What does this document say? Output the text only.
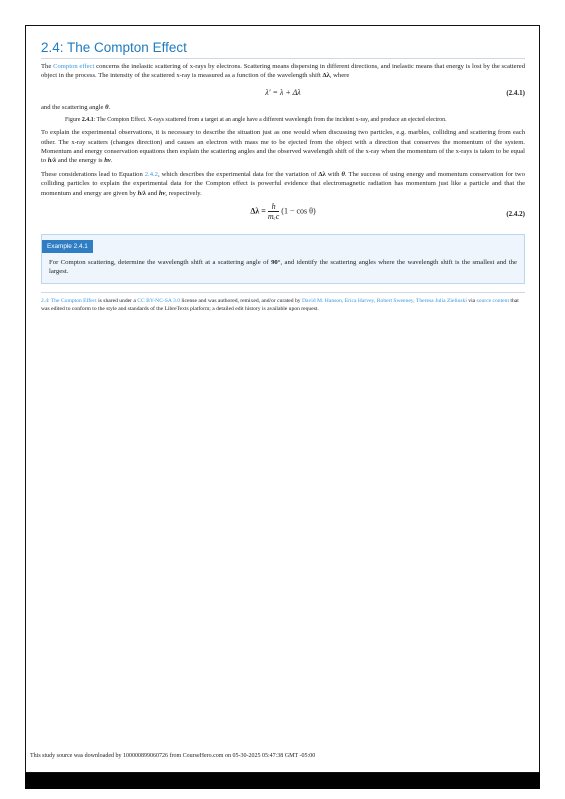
2.4: The Compton Effect

The Compton effect concerns the inelastic scattering of x-rays by electrons. Scattering means dispersing in different directions, and inelastic means that energy is lost by the scattered object in the process. The intensity of the scattered x-ray is measured as a function of the wavelength shift Δλ, where

λ′ = λ + Δλ	(2.4.1)

and the scattering angle θ.

Figure 2.4.1: The Compton Effect. X-rays scattered from a target at an angle have a different wavelength from the incident x-ray, and produce an ejected electron.

To explain the experimental observations, it is necessary to describe the situation just as one would when discussing two particles, e.g. marbles, colliding and scattering from each other. The x-ray scatters (changes direction) and causes an electron with mass me to be ejected from the object with a direction that conserves the momentum of the system. Momentum and energy conservation equations then explain the scattering angles and the observed wavelength shift of the x-ray when the momentum of the x-rays is taken to be equal to h/λ and the energy is hν.

These considerations lead to Equation 2.4.2, which describes the experimental data for the variation of Δλ with θ. The success of using energy and momentum conservation for two colliding particles to explain the experimental data for the Compton effect is powerful evidence that electromagnetic radiation has momentum just like a particle and that the momentum and energy are given by h/λ and hν, respectively.

$\Delta\lambda = \frac{h}{\text{mₑc}} (1 - \cos \theta)$	(2.4.2)
Example 2.4.1
For Compton scattering, determine the wavelength shift at a scattering angle of 90°, and identify the scattering angles where the wavelength shift is the smallest and the largest.
2.4: The Compton Effect is shared under a CC BY-NC-SA 3.0 license and was authored, remixed, and/or curated by David M. Hanson, Erica Harvey, Robert Sweeney, Theresa Julia Zielinski via source content that was edited to conform to the style and standards of the LibreTexts platform; a detailed edit history is available upon request.
This study source was downloaded by 100000899060726 from CourseHero.com on 05-30-2025 05:47:38 GMT -05:00
